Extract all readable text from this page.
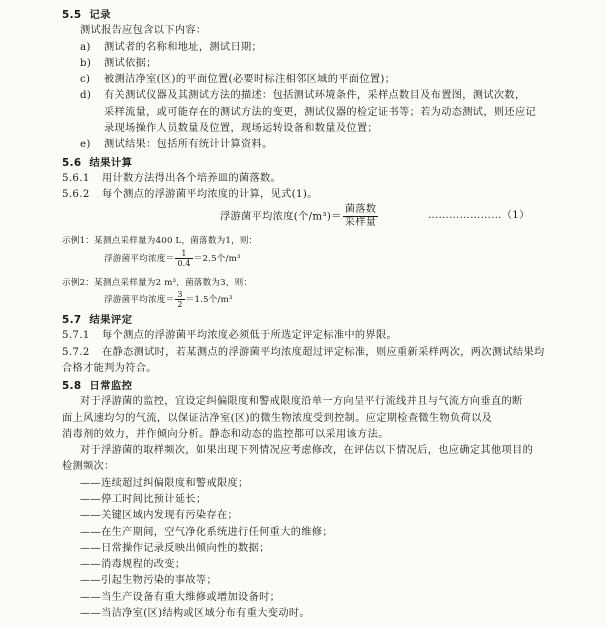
5.5 记录
测试报告应包含以下内容：
a) 测试者的名称和地址，测试日期；
b) 测试依据；
c) 被测洁净室(区)的平面位置(必要时标注相邻区域的平面位置)；
d) 有关测试仪器及其测试方法的描述：包括测试环境条件，采样点数目及布置图，测试次数，
采样流量，或可能存在的测试方法的变更，测试仪器的检定证书等；若为动态测试，则还应记
录现场操作人员数量及位置，现场运转设备和数量及位置；
e) 测试结果：包括所有统计计算资料。
5.6 结果计算
5.6.1 用计数方法得出各个培养皿的菌落数。
5.6.2 每个测点的浮游菌平均浓度的计算，见式(1)。
浮游菌平均浓度(个$/m^3)= \frac{\text{菌落数}}{\text{采样量}}$	…………………（1）
示例1：某测点采样量为400 L，菌落数为1，则：
浮游菌平均浓度＝ $\frac{1}{0.4} =2.5$个/m³
示例2：某测点采样量为2 m³，菌落数为3，则：
浮游菌平均浓度＝ $\frac{3}{2} =1.5$个/m³
5.7 结果评定
5.7.1 每个测点的浮游菌平均浓度必须低于所选定评定标准中的界限。
5.7.2 在静态测试时，若某测点的浮游菌平均浓度超过评定标准，则应重新采样两次，两次测试结果均
合格才能判为符合。
5.8 日常监控
对于浮游菌的监控，宜设定纠偏限度和警戒限度沿单一方向呈平行流线并且与气流方向垂直的断
面上风速均匀的气流，以保证洁净室(区)的微生物浓度受到控制。应定期检查微生物负荷以及
消毒剂的效力，并作倾向分析。静态和动态的监控都可以采用该方法。
对于浮游菌的取样频次，如果出现下列情况应考虑修改，在评估以下情况后，也应确定其他项目的
检测频次：
——连续超过纠偏限度和警戒限度；
——停工时间比预计延长；
——关键区域内发现有污染存在；
——在生产期间，空气净化系统进行任何重大的维修；
——日常操作记录反映出倾向性的数据；
——消毒规程的改变；
——引起生物污染的事故等；
——当生产设备有重大维修或增加设备时；
——当洁净室(区)结构或区域分布有重大变动时。
